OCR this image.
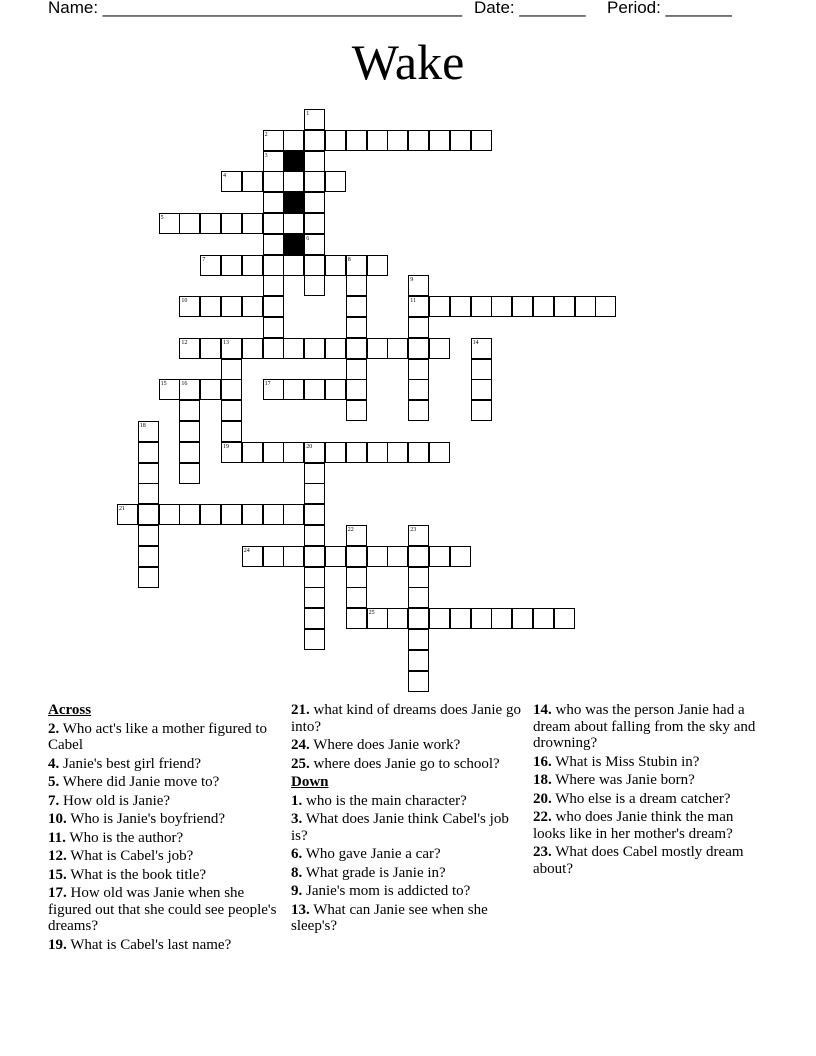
Name: ______________________________________ Date: _______ Period: _______
Wake
2
4
5
7
10	11
12
15	17
19
21
24
25
1
3
6
8
9
13	14
16
18
20
22	23
Across
2. Who act's like a mother figured to Cabel
4. Janie's best girl friend?
5. Where did Janie move to?
7. How old is Janie?
10. Who is Janie's boyfriend?
11. Who is the author?
12. What is Cabel's job?
15. What is the book title?
17. How old was Janie when she figured out that she could see people's dreams?
19. What is Cabel's last name?
21. what kind of dreams does Janie go into?
24. Where does Janie work?
25. where does Janie go to school?
Down
1. who is the main character?
3. What does Janie think Cabel's job is?
6. Who gave Janie a car?
8. What grade is Janie in?
9. Janie's mom is addicted to?
13. What can Janie see when she sleep's?
14. who was the person Janie had a dream about falling from the sky and drowning?
16. What is Miss Stubin in?
18. Where was Janie born?
20. Who else is a dream catcher?
22. who does Janie think the man looks like in her mother's dream?
23. What does Cabel mostly dream about?
